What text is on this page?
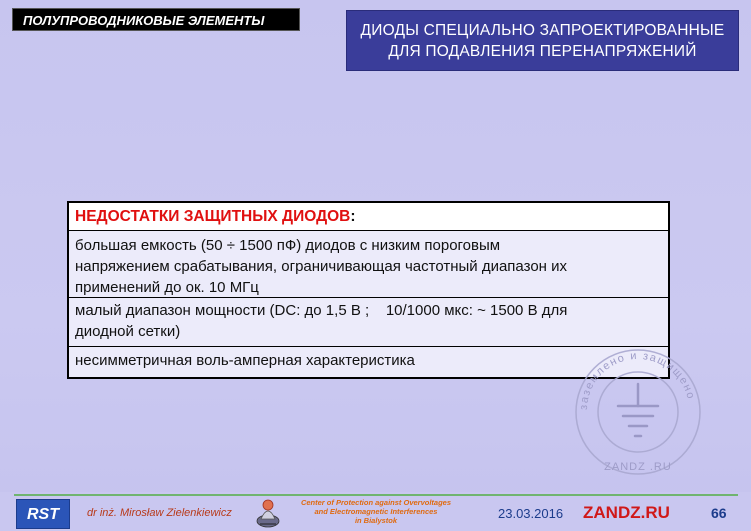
ПОЛУПРОВОДНИКОВЫЕ ЭЛЕМЕНТЫ
ДИОДЫ СПЕЦИАЛЬНО ЗАПРОЕКТИРОВАННЫЕ
ДЛЯ ПОДАВЛЕНИЯ ПЕРЕНАПРЯЖЕНИЙ
НЕДОСТАТКИ ЗАЩИТНЫХ ДИОДОВ:
большая емкость (50 ÷ 1500 пФ) диодов с низким пороговым
напряжением срабатывания, ограничивающая частотный диапазон их
применений до ок. 10 МГц
малый диапазон мощности (DC: до 1,5 В ;    10/1000 мкс: ~ 1500 В для
диодной сетки)
несимметричная воль-амперная характеристика
заземлено и защищено
ZANDZ .RU
RST	dr inż. Mirosław Zielenkiewicz
Center of Protection against Overvoltages
and Electromagnetic Interferences
in Bialystok	23.03.2016 ZANDZ.RU	66
